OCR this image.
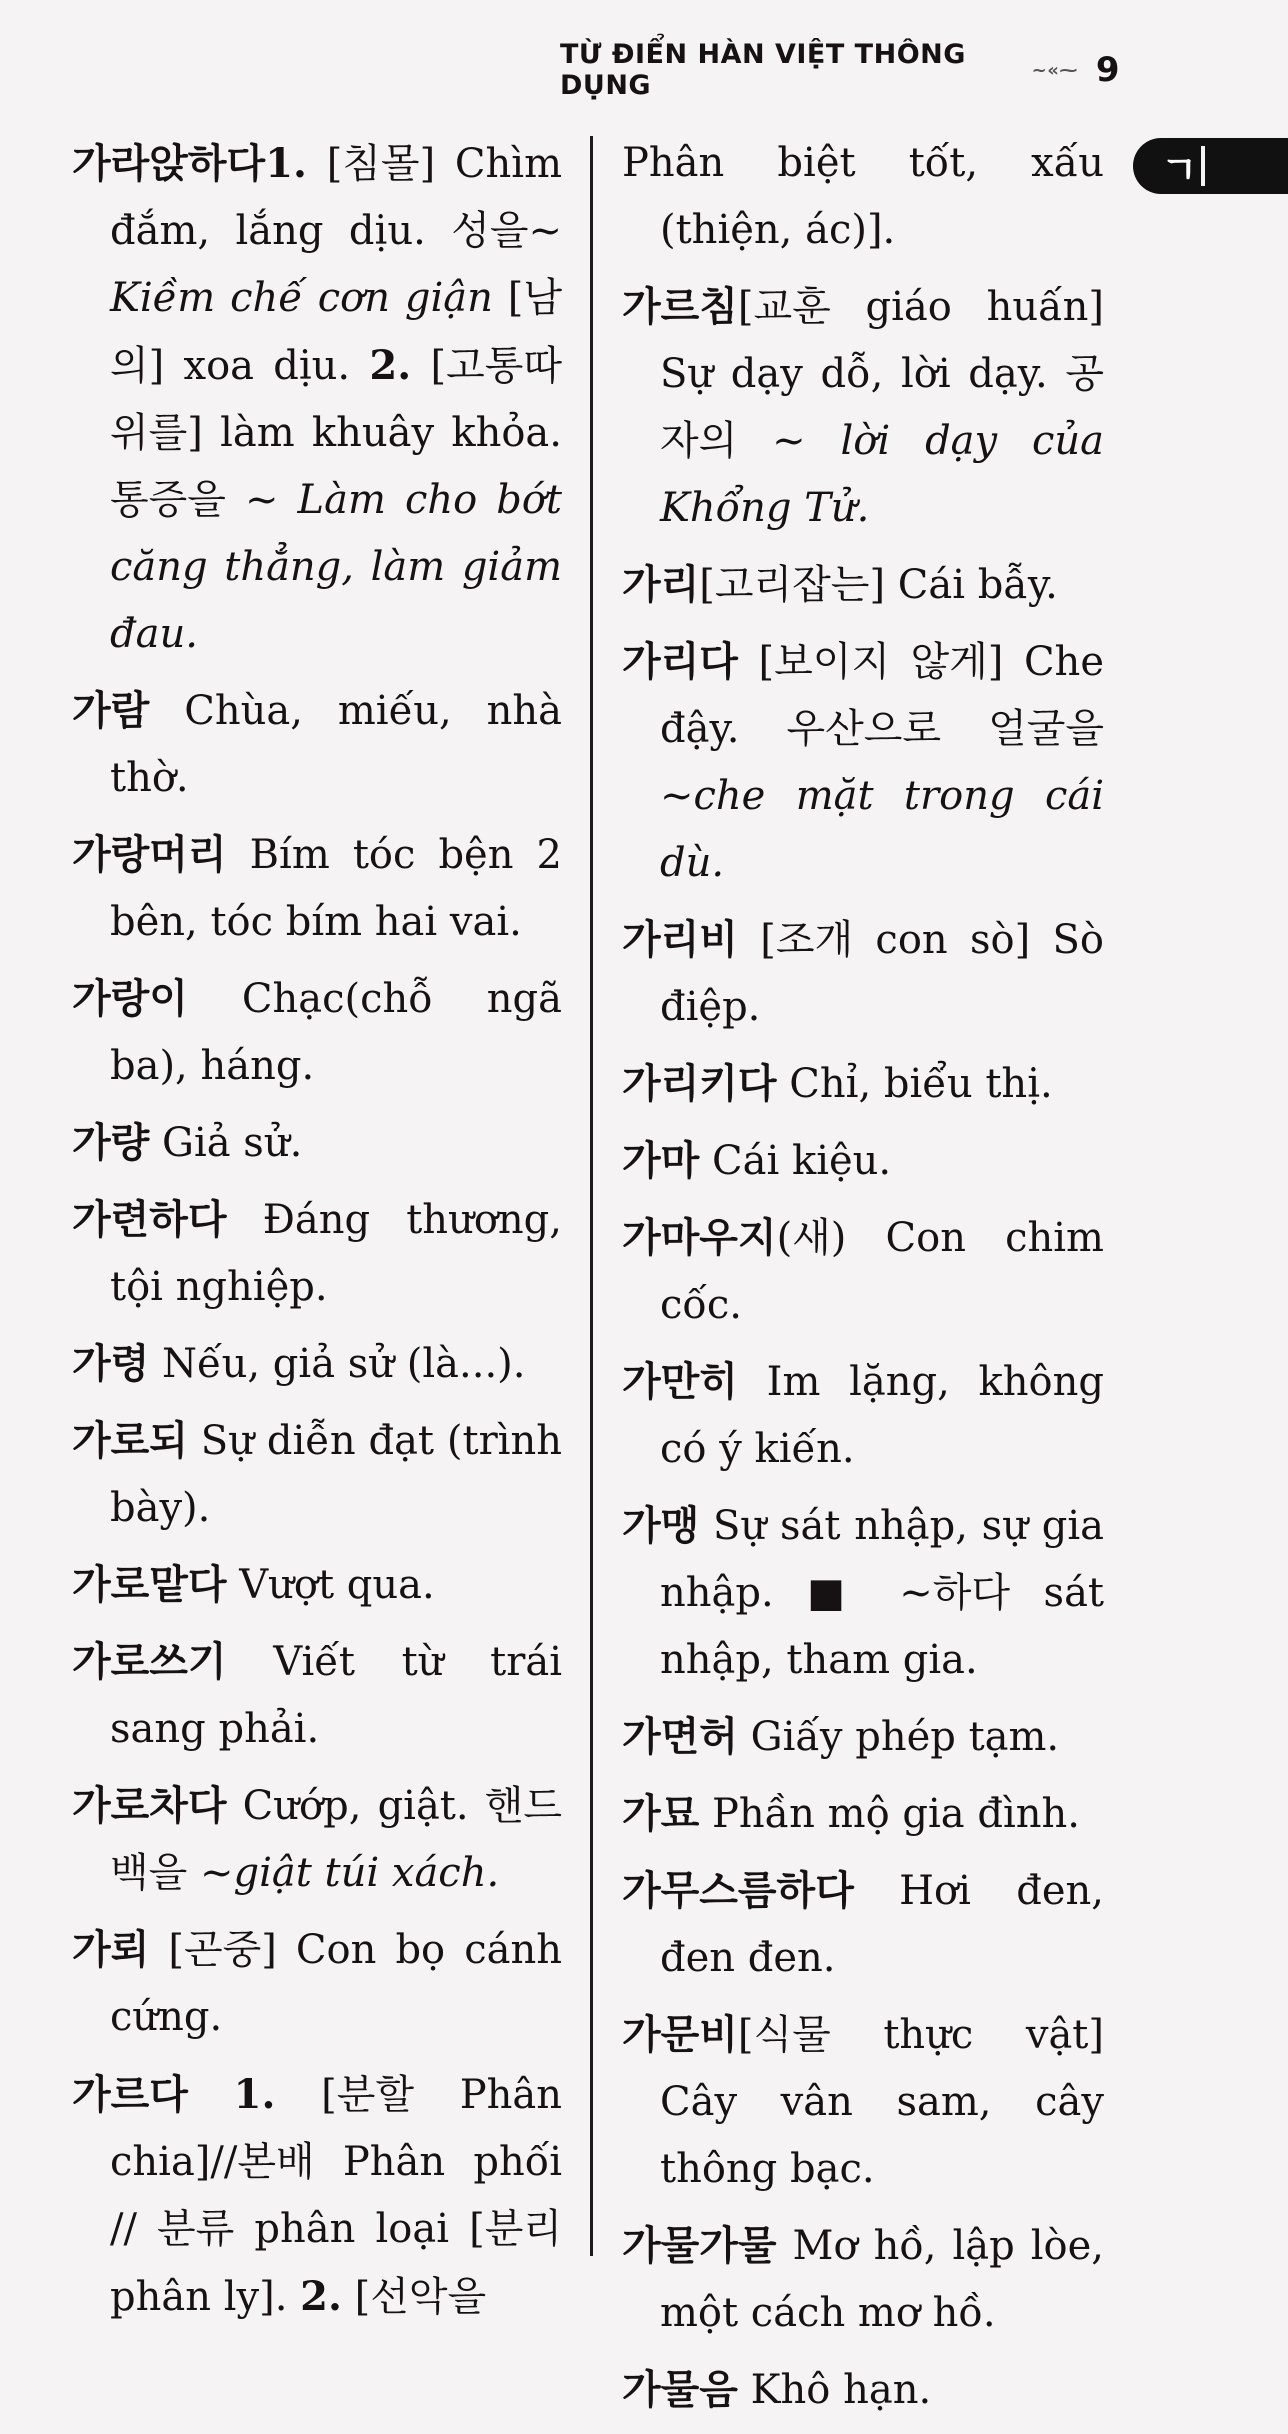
TỪ ĐIỂN HÀN VIỆT THÔNG DỤNG	~«⁓ 9
ㄱ

가라앉하다1. [침몰] Chìm đắm, lắng dịu. 성을~ Kiềm chế cơn giận [남의] xoa dịu. 2. [고통따위를] làm khuây khỏa. 통증을 ~ Làm cho bớt căng thẳng, làm giảm đau.

가람 Chùa, miếu, nhà thờ.

가랑머리 Bím tóc bện 2 bên, tóc bím hai vai.

가랑이 Chạc(chỗ ngã ba), háng.

가량 Giả sử.

가련하다 Đáng thương, tội nghiệp.

가령 Nếu, giả sử (là...).

가로되 Sự diễn đạt (trình bày).

가로맡다 Vượt qua.

가로쓰기 Viết từ trái sang phải.

가로차다 Cướp, giật. 핸드백을 ~giật túi xách.

가뢰 [곤중] Con bọ cánh cứng.

가르다 1. [분할 Phân chia]//본배 Phân phối // 분류 phân loại [분리 phân ly]. 2. [선악을

Phân biệt tốt, xấu (thiện, ác)].

가르침[교훈 giáo huấn] Sự dạy dỗ, lời dạy. 공자의 ~ lời dạy của Khổng Tử.

가리[고리잡는] Cái bẫy.

가리다 [보이지 않게] Che đậy. 우산으로 얼굴을 ~che mặt trong cái dù.

가리비 [조개 con sò] Sò điệp.

가리키다 Chỉ, biểu thị.

가마 Cái kiệu.

가마우지(새) Con chim cốc.

가만히 Im lặng, không có ý kiến.

가맹 Sự sát nhập, sự gia nhập. ■ ~하다 sát nhập, tham gia.

가면허 Giấy phép tạm.

가묘 Phần mộ gia đình.

가무스름하다 Hơi đen, đen đen.

가문비[식물 thực vật] Cây vân sam, cây thông bạc.

가물가물 Mơ hồ, lập lòe, một cách mơ hồ.

가물음 Khô hạn.
